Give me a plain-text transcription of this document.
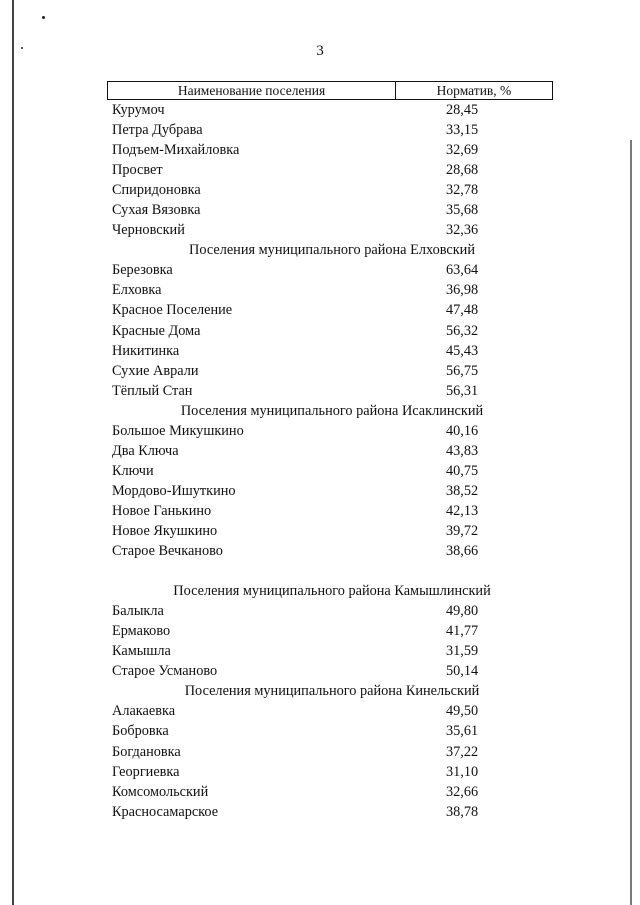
3
Наименование поселения	Норматив, %
Курумоч	28,45
Петра Дубрава	33,15
Подъем-Михайловка	32,69
Просвет	28,68
Спиридоновка	32,78
Сухая Вязовка	35,68
Черновский	32,36
Поселения муниципального района Елховский
Березовка	63,64
Елховка	36,98
Красное Поселение	47,48
Красные Дома	56,32
Никитинка	45,43
Сухие Аврали	56,75
Тёплый Стан	56,31
Поселения муниципального района Исаклинский
Большое Микушкино	40,16
Два Ключа	43,83
Ключи	40,75
Мордово-Ишуткино	38,52
Новое Ганькино	42,13
Новое Якушкино	39,72
Старое Вечканово	38,66
Поселения муниципального района Камышлинский
Балыкла	49,80
Ермаково	41,77
Камышла	31,59
Старое Усманово	50,14
Поселения муниципального района Кинельский
Алакаевка	49,50
Бобровка	35,61
Богдановка	37,22
Георгиевка	31,10
Комсомольский	32,66
Красносамарское	38,78
